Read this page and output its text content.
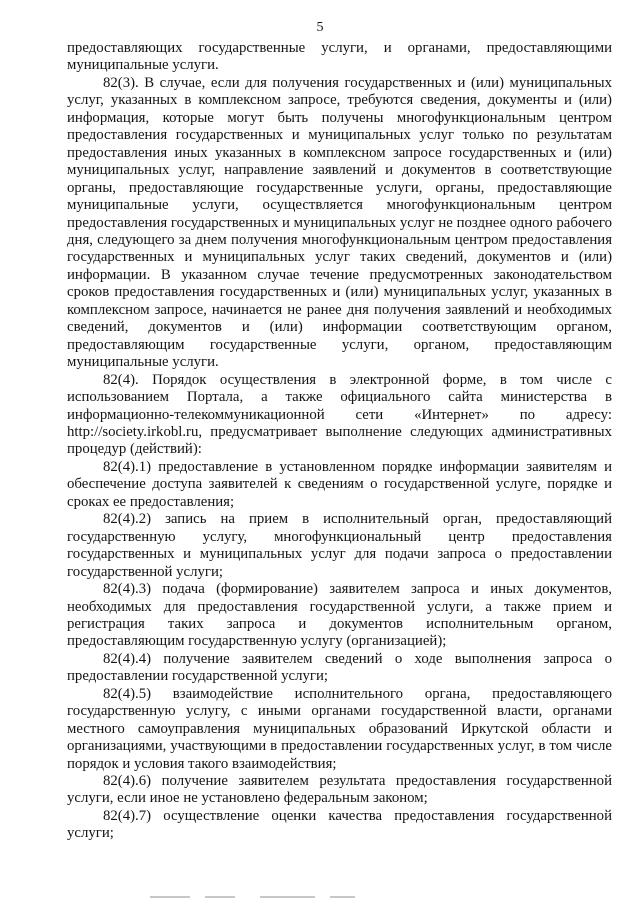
5

предоставляющих государственные услуги, и органами, предоставляющими муниципальные услуги.

82(3). В случае, если для получения государственных и (или) муниципальных услуг, указанных в комплексном запросе, требуются сведения, документы и (или) информация, которые могут быть получены многофункциональным центром предоставления государственных и муниципальных услуг только по результатам предоставления иных указанных в комплексном запросе государственных и (или) муниципальных услуг, направление заявлений и документов в соответствующие органы, предоставляющие государственные услуги, органы, предоставляющие муниципальные услуги, осуществляется многофункциональным центром предоставления государственных и муниципальных услуг не позднее одного рабочего дня, следующего за днем получения многофункциональным центром предоставления государственных и муниципальных услуг таких сведений, документов и (или) информации. В указанном случае течение предусмотренных законодательством сроков предоставления государственных и (или) муниципальных услуг, указанных в комплексном запросе, начинается не ранее дня получения заявлений и необходимых сведений, документов и (или) информации соответствующим органом, предоставляющим государственные услуги, органом, предоставляющим муниципальные услуги.

82(4). Порядок осуществления в электронной форме, в том числе с использованием Портала, а также официального сайта министерства в информационно-телекоммуникационной сети «Интернет» по адресу: http://society.irkobl.ru, предусматривает выполнение следующих административных процедур (действий):

82(4).1) предоставление в установленном порядке информации заявителям и обеспечение доступа заявителей к сведениям о государственной услуге, порядке и сроках ее предоставления;

82(4).2) запись на прием в исполнительный орган, предоставляющий государственную услугу, многофункциональный центр предоставления государственных и муниципальных услуг для подачи запроса о предоставлении государственной услуги;

82(4).3) подача (формирование) заявителем запроса и иных документов, необходимых для предоставления государственной услуги, а также прием и регистрация таких запроса и документов исполнительным органом, предоставляющим государственную услугу (организацией);

82(4).4) получение заявителем сведений о ходе выполнения запроса о предоставлении государственной услуги;

82(4).5) взаимодействие исполнительного органа, предоставляющего государственную услугу, с иными органами государственной власти, органами местного самоуправления муниципальных образований Иркутской области и организациями, участвующими в предоставлении государственных услуг, в том числе порядок и условия такого взаимодействия;

82(4).6) получение заявителем результата предоставления государственной услуги, если иное не установлено федеральным законом;

82(4).7) осуществление оценки качества предоставления государственной услуги;
